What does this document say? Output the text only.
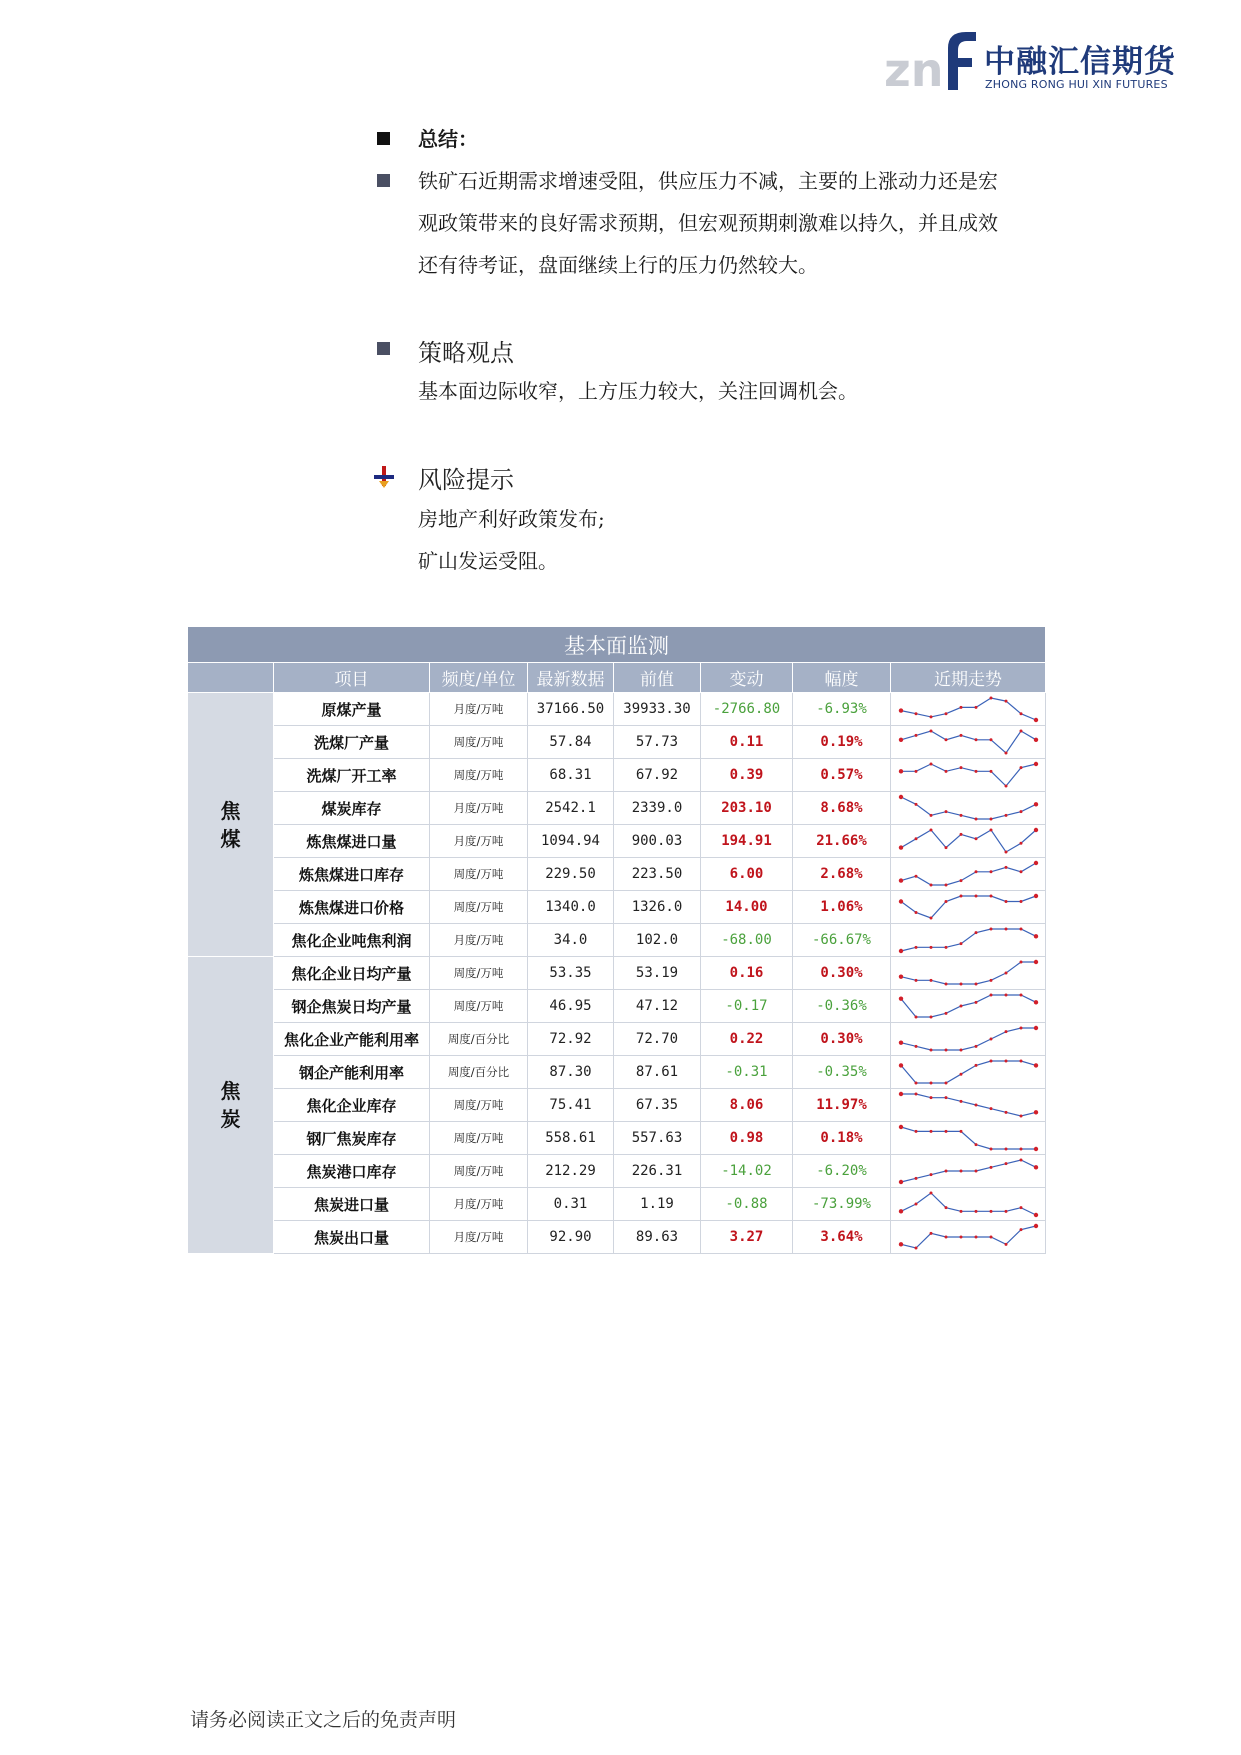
zn 中融汇信期货
ZHONG RONG HUI XIN FUTURES
总结：
铁矿石近期需求增速受阻，供应压力不减，主要的上涨动力还是宏
观政策带来的良好需求预期，但宏观预期刺激难以持久，并且成效
还有待考证，盘面继续上行的压力仍然较大。
策略观点
基本面边际收窄，上方压力较大，关注回调机会。
风险提示
房地产利好政策发布;
矿山发运受阻。
基本面监测							
	项目	频度/单位	最新数据	前值	变动	幅度	近期走势
焦
煤	原煤产量	月度/万吨	37166.50	39933.30	-2766.80	-6.93%	

	洗煤厂产量	周度/万吨	57.84	57.73	0.11	0.19%	

	洗煤厂开工率	周度/万吨	68.31	67.92	0.39	0.57%	

	煤炭库存	月度/万吨	2542.1	2339.0	203.10	8.68%	

	炼焦煤进口量	月度/万吨	1094.94	900.03	194.91	21.66%	

	炼焦煤进口库存	周度/万吨	229.50	223.50	6.00	2.68%	

	炼焦煤进口价格	周度/万吨	1340.0	1326.0	14.00	1.06%	

	焦化企业吨焦利润	月度/万吨	34.0	102.0	-68.00	-66.67%	

焦
炭	焦化企业日均产量	周度/万吨	53.35	53.19	0.16	0.30%	

	钢企焦炭日均产量	周度/万吨	46.95	47.12	-0.17	-0.36%	

	焦化企业产能利用率	周度/百分比	72.92	72.70	0.22	0.30%	

	钢企产能利用率	周度/百分比	87.30	87.61	-0.31	-0.35%	

	焦化企业库存	周度/万吨	75.41	67.35	8.06	11.97%	

	钢厂焦炭库存	周度/万吨	558.61	557.63	0.98	0.18%	

	焦炭港口库存	周度/万吨	212.29	226.31	-14.02	-6.20%	

	焦炭进口量	月度/万吨	0.31	1.19	-0.88	-73.99%	

	焦炭出口量	月度/万吨	92.90	89.63	3.27	3.64%	
请务必阅读正文之后的免责声明
